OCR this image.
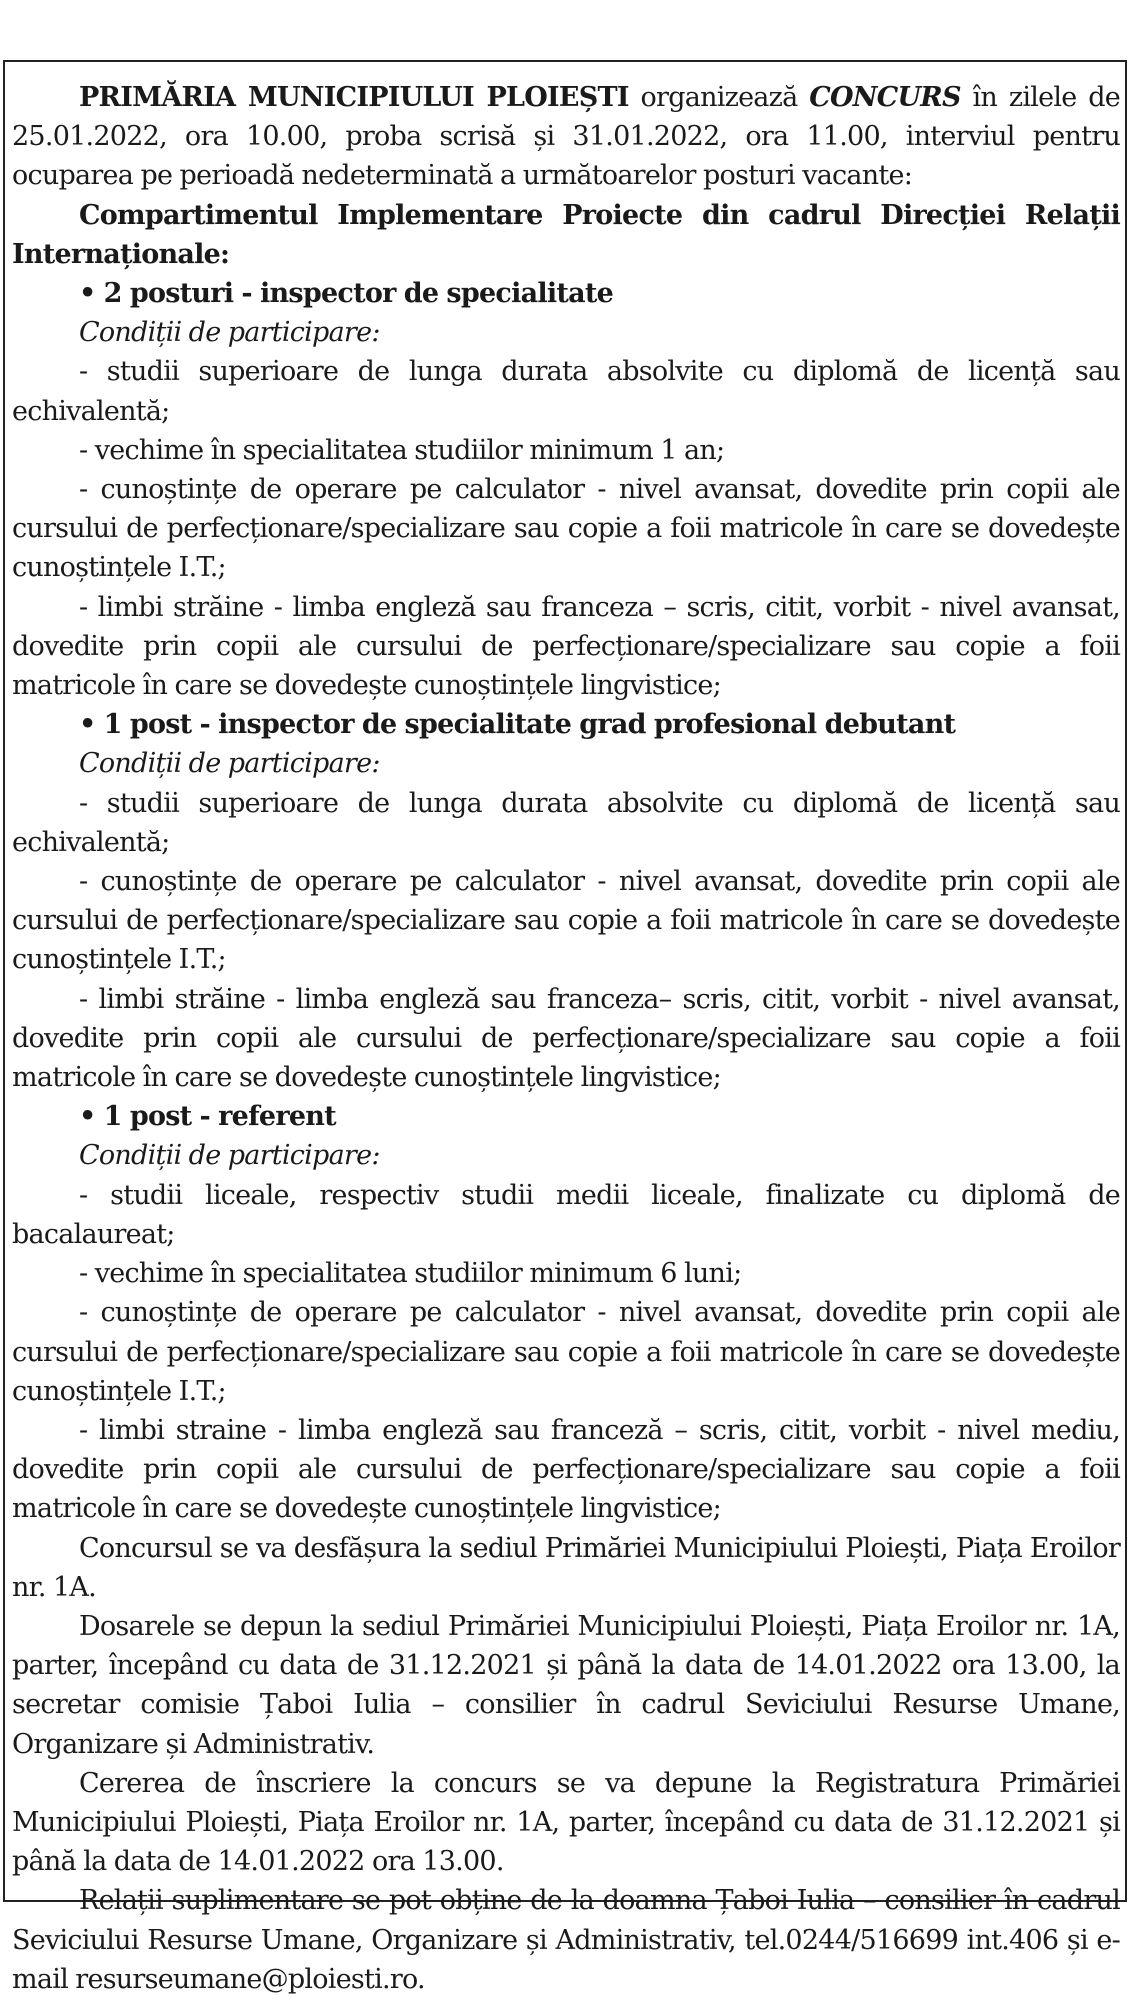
PRIMĂRIA MUNICIPIULUI PLOIEȘTI organizează CONCURS în zilele de 25.01.2022, ora 10.00, proba scrisă și 31.01.2022, ora 11.00, interviul pentru ocuparea pe perioadă nedeterminată a următoarelor posturi vacante:

Compartimentul Implementare Proiecte din cadrul Direcției Relații Internaționale:

• 2 posturi - inspector de specialitate

Condiții de participare:

- studii superioare de lunga durata absolvite cu diplomă de licență sau echivalentă;

- vechime în specialitatea studiilor minimum 1 an;

- cunoștințe de operare pe calculator - nivel avansat, dovedite prin copii ale cursului de perfecționare/specializare sau copie a foii matricole în care se dovedește cunoștințele I.T.;

- limbi străine - limba engleză sau franceza – scris, citit, vorbit - nivel avansat, dovedite prin copii ale cursului de perfecționare/specializare sau copie a foii matricole în care se dovedește cunoștințele lingvistice;

• 1 post - inspector de specialitate grad profesional debutant

Condiții de participare:

- studii superioare de lunga durata absolvite cu diplomă de licență sau echivalentă;

- cunoștințe de operare pe calculator - nivel avansat, dovedite prin copii ale cursului de perfecționare/specializare sau copie a foii matricole în care se dovedește cunoștințele I.T.;

- limbi străine - limba engleză sau franceza– scris, citit, vorbit - nivel avansat, dovedite prin copii ale cursului de perfecționare/specializare sau copie a foii matricole în care se dovedește cunoștințele lingvistice;

• 1 post - referent

Condiții de participare:

- studii liceale, respectiv studii medii liceale, finalizate cu diplomă de bacalaureat;

- vechime în specialitatea studiilor minimum 6 luni;

- cunoștințe de operare pe calculator - nivel avansat, dovedite prin copii ale cursului de perfecționare/specializare sau copie a foii matricole în care se dovedește cunoștințele I.T.;

- limbi straine - limba engleză sau franceză – scris, citit, vorbit - nivel mediu, dovedite prin copii ale cursului de perfecționare/specializare sau copie a foii matricole în care se dovedește cunoștințele lingvistice;

Concursul se va desfășura la sediul Primăriei Municipiului Ploiești, Piața Eroilor nr. 1A.

Dosarele se depun la sediul Primăriei Municipiului Ploiești, Piața Eroilor nr. 1A, parter, începând cu data de 31.12.2021 și până la data de 14.01.2022 ora 13.00, la secretar comisie Țaboi Iulia – consilier în cadrul Seviciului Resurse Umane, Organizare și Administrativ.

Cererea de înscriere la concurs se va depune la Registratura Primăriei Municipiului Ploiești, Piața Eroilor nr. 1A, parter, începând cu data de 31.12.2021 și până la data de 14.01.2022 ora 13.00.

Relații suplimentare se pot obține de la doamna Țaboi Iulia – consilier în cadrul Seviciului Resurse Umane, Organizare și Administrativ, tel.0244/516699 int.406 și e-mail resurseumane@ploiesti.ro.
